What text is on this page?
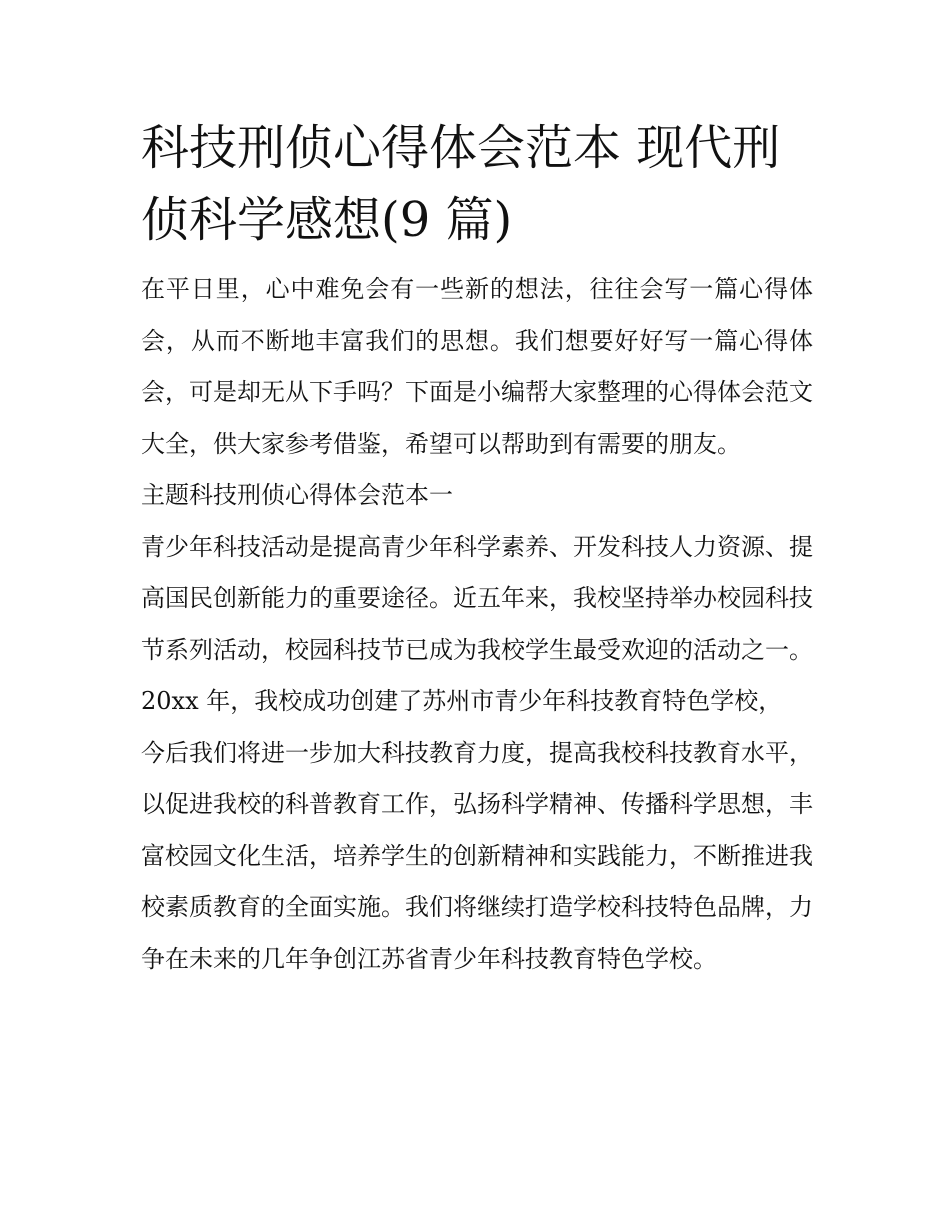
科技刑侦心得体会范本 现代刑侦科学感想(9 篇)

在平日里，心中难免会有一些新的想法，往往会写一篇心得体会，从而不断地丰富我们的思想。我们想要好好写一篇心得体会，可是却无从下手吗？下面是小编帮大家整理的心得体会范文大全，供大家参考借鉴，希望可以帮助到有需要的朋友。

主题科技刑侦心得体会范本一

青少年科技活动是提高青少年科学素养、开发科技人力资源、提高国民创新能力的重要途径。近五年来，我校坚持举办校园科技节系列活动，校园科技节已成为我校学生最受欢迎的活动之一。

20xx 年，我校成功创建了苏州市青少年科技教育特色学校，

今后我们将进一步加大科技教育力度，提高我校科技教育水平，以促进我校的科普教育工作，弘扬科学精神、传播科学思想，丰富校园文化生活，培养学生的创新精神和实践能力，不断推进我校素质教育的全面实施。我们将继续打造学校科技特色品牌，力争在未来的几年争创江苏省青少年科技教育特色学校。
